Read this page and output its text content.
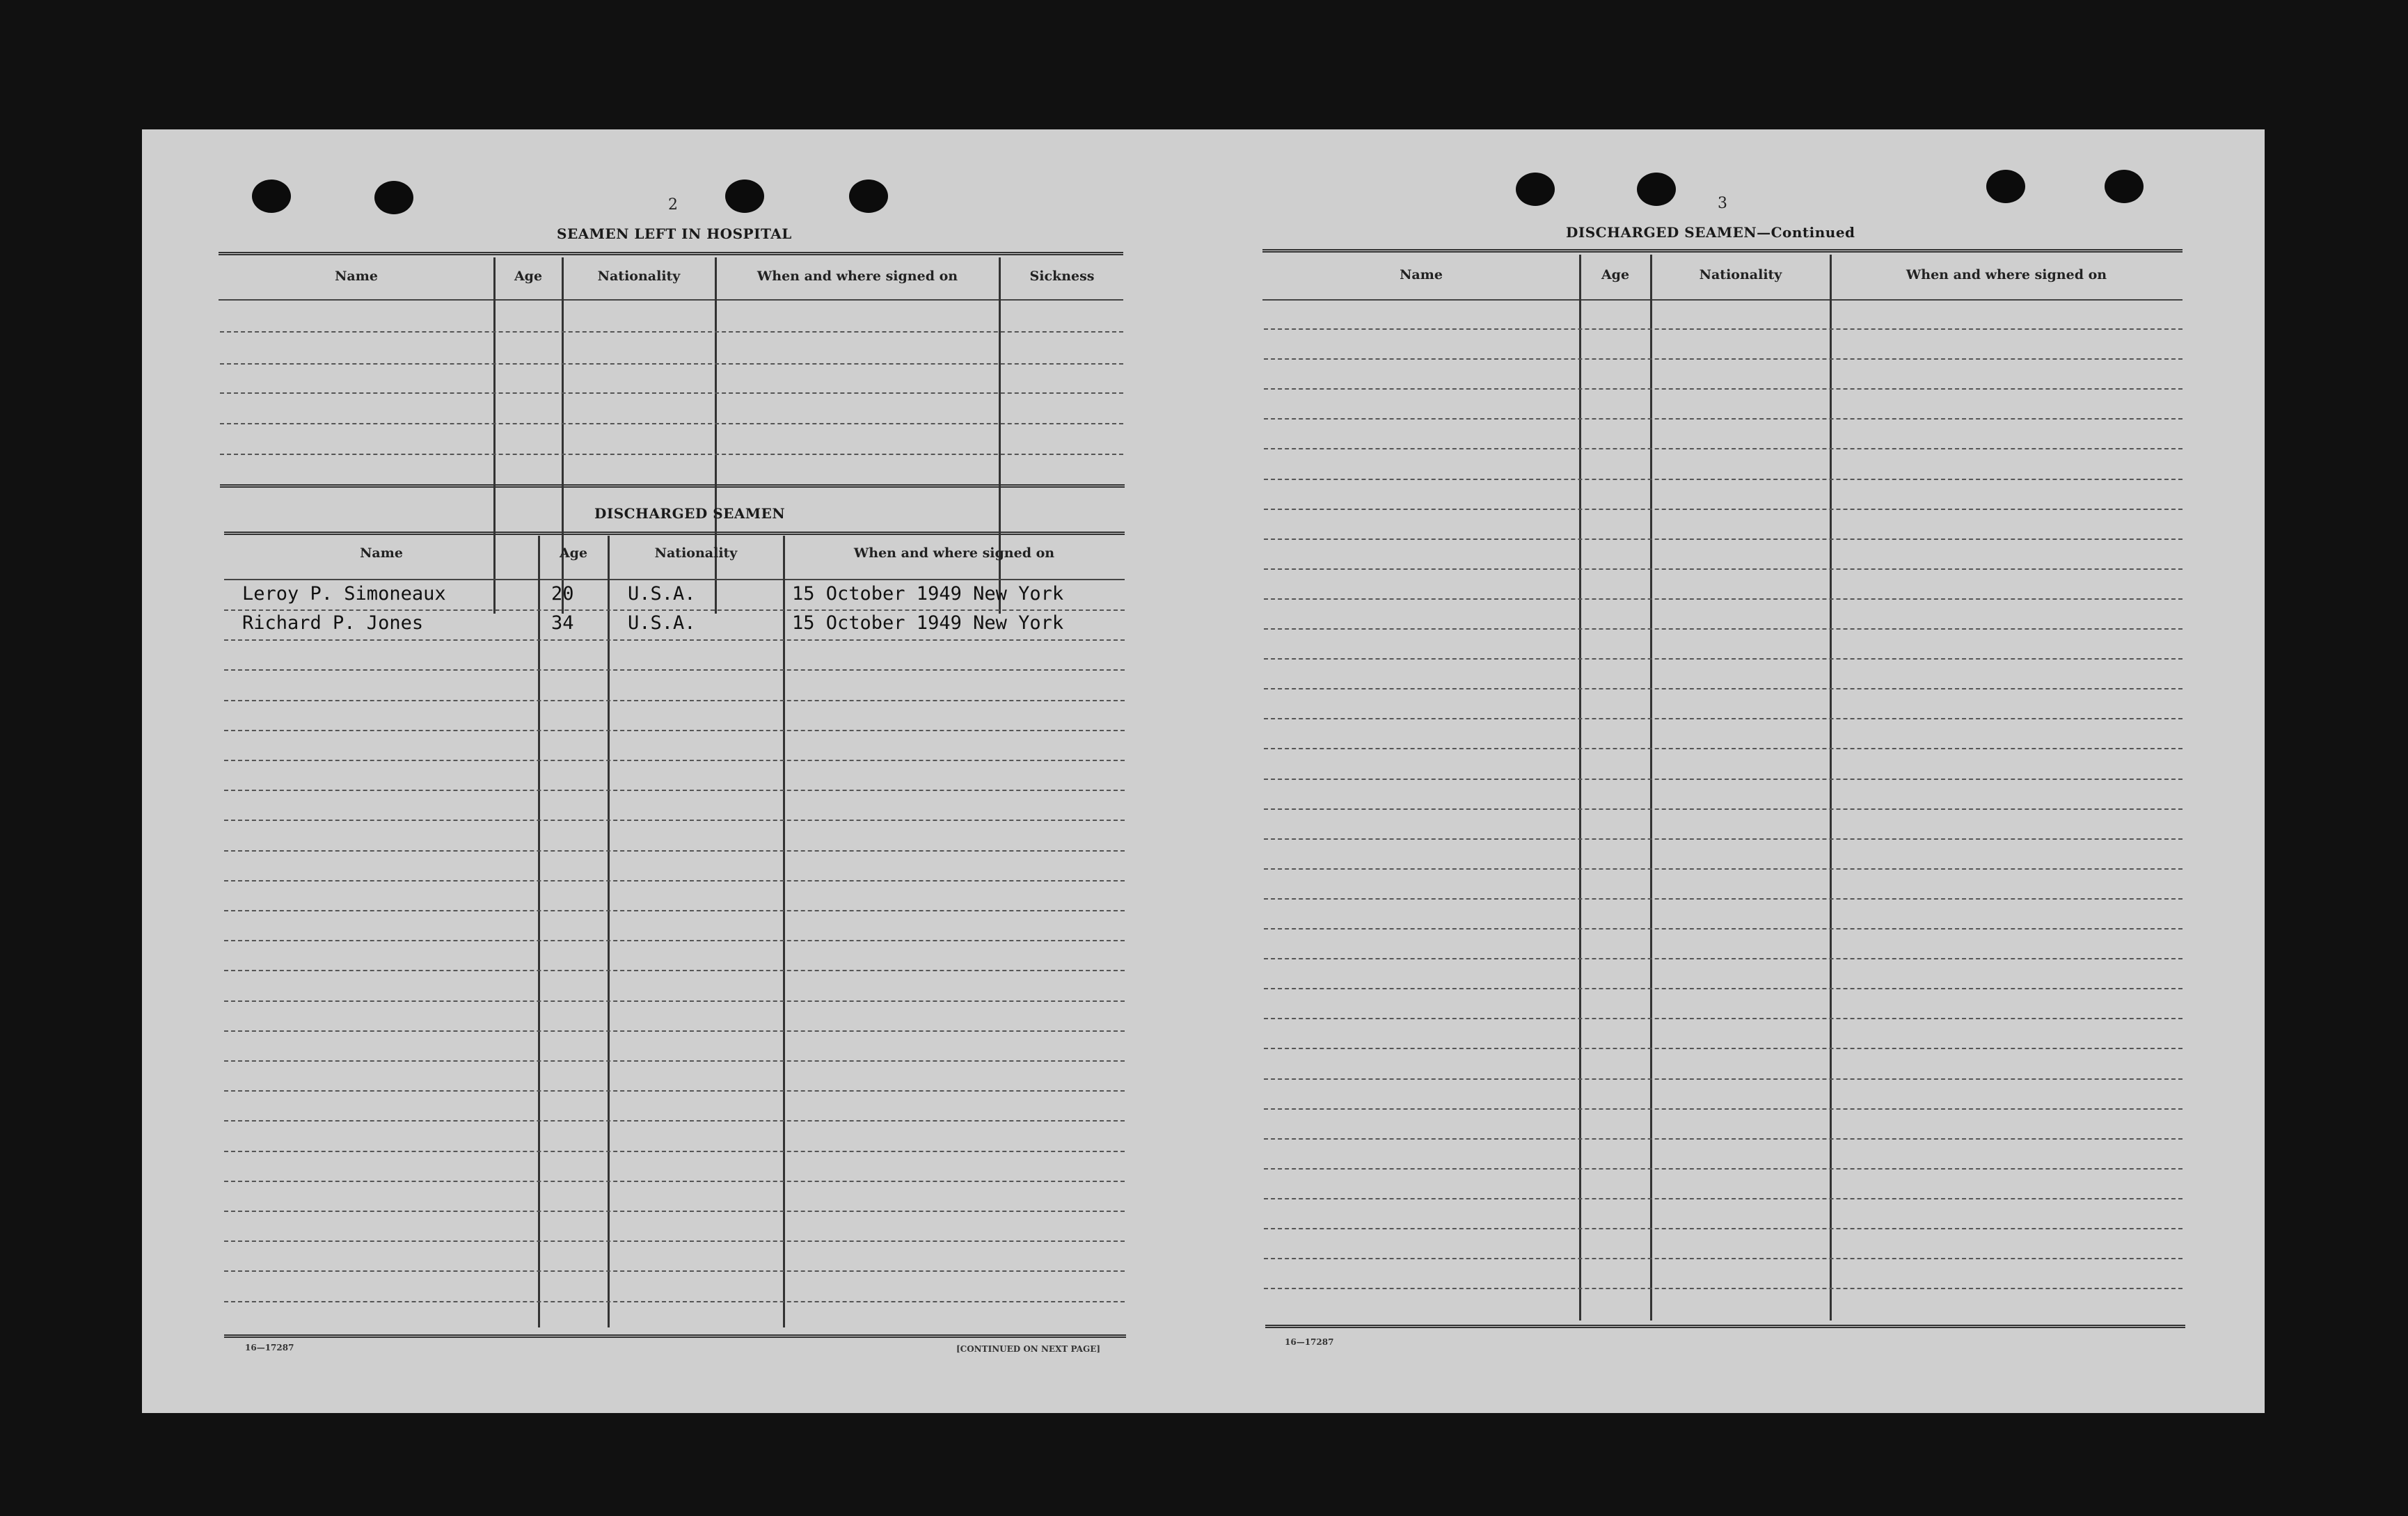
2
SEAMEN LEFT IN HOSPITAL
Name	Age	Nationality	When and where signed on	Sickness
DISCHARGED SEAMEN
Name	Age	Nationality	When and where signed on
Leroy P. Simoneaux	20	U.S.A.	15 October 1949 New York
Richard P. Jones	34	U.S.A.	15 October 1949 New York
16—17287	[CONTINUED ON NEXT PAGE]
3
DISCHARGED SEAMEN—Continued
Name	Age	Nationality	When and where signed on
16—17287
